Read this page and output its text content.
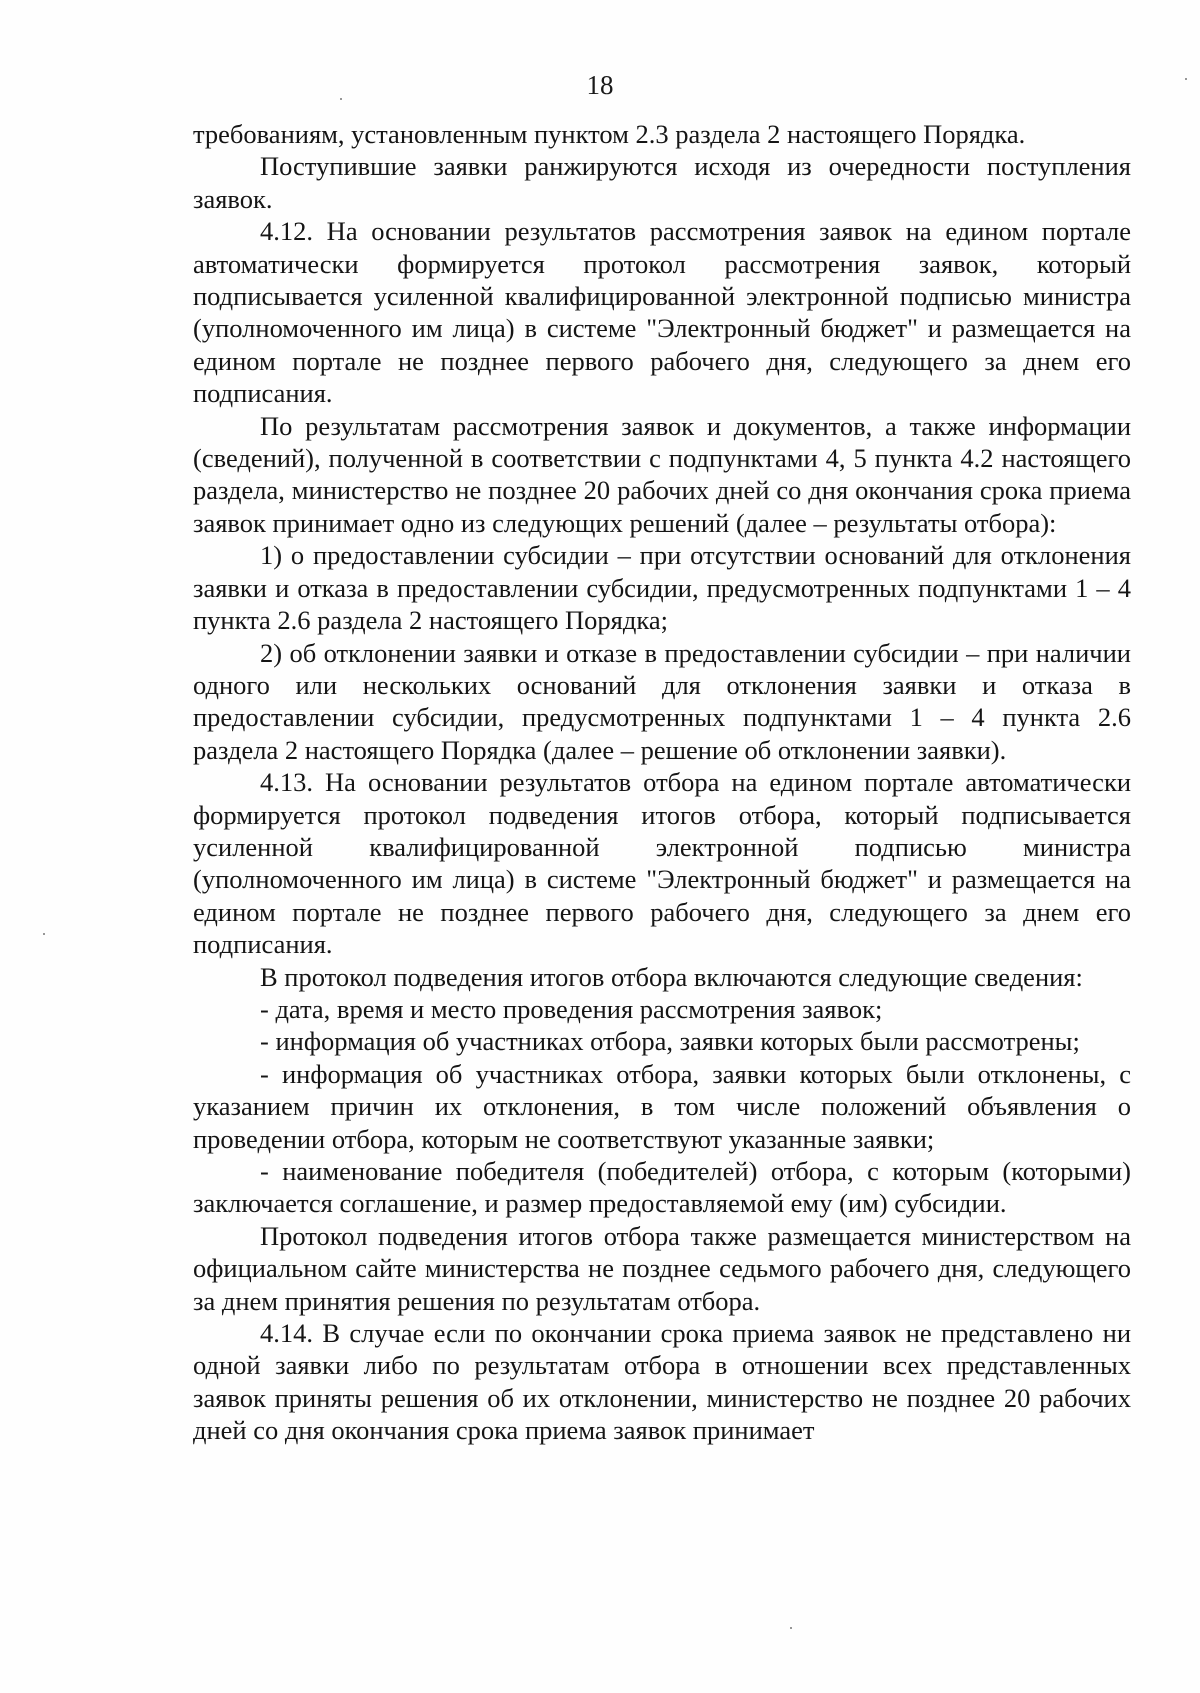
18

требованиям, установленным пунктом 2.3 раздела 2 настоящего Порядка.

Поступившие заявки ранжируются исходя из очередности поступления заявок.

4.12. На основании результатов рассмотрения заявок на едином портале автоматически формируется протокол рассмотрения заявок, который подписывается усиленной квалифицированной электронной подписью министра (уполномоченного им лица) в системе "Электронный бюджет" и размещается на едином портале не позднее первого рабочего дня, следующего за днем его подписания.

По результатам рассмотрения заявок и документов, а также информации (сведений), полученной в соответствии с подпунктами 4, 5 пункта 4.2 настоящего раздела, министерство не позднее 20 рабочих дней со дня окончания срока приема заявок принимает одно из следующих решений (далее – результаты отбора):

1) о предоставлении субсидии – при отсутствии оснований для отклонения заявки и отказа в предоставлении субсидии, предусмотренных подпунктами 1 – 4 пункта 2.6 раздела 2 настоящего Порядка;

2) об отклонении заявки и отказе в предоставлении субсидии – при наличии одного или нескольких оснований для отклонения заявки и отказа в предоставлении субсидии, предусмотренных подпунктами 1 – 4 пункта 2.6 раздела 2 настоящего Порядка (далее – решение об отклонении заявки).

4.13. На основании результатов отбора на едином портале автоматически формируется протокол подведения итогов отбора, который подписывается усиленной квалифицированной электронной подписью министра (уполномоченного им лица) в системе "Электронный бюджет" и размещается на едином портале не позднее первого рабочего дня, следующего за днем его подписания.

В протокол подведения итогов отбора включаются следующие сведения:

- дата, время и место проведения рассмотрения заявок;

- информация об участниках отбора, заявки которых были рассмотрены;

- информация об участниках отбора, заявки которых были отклонены, с указанием причин их отклонения, в том числе положений объявления о проведении отбора, которым не соответствуют указанные заявки;

- наименование победителя (победителей) отбора, с которым (которыми) заключается соглашение, и размер предоставляемой ему (им) субсидии.

Протокол подведения итогов отбора также размещается министерством на официальном сайте министерства не позднее седьмого рабочего дня, следующего за днем принятия решения по результатам отбора.

4.14. В случае если по окончании срока приема заявок не представлено ни одной заявки либо по результатам отбора в отношении всех представленных заявок приняты решения об их отклонении, министерство не позднее 20 рабочих дней со дня окончания срока приема заявок принимает
